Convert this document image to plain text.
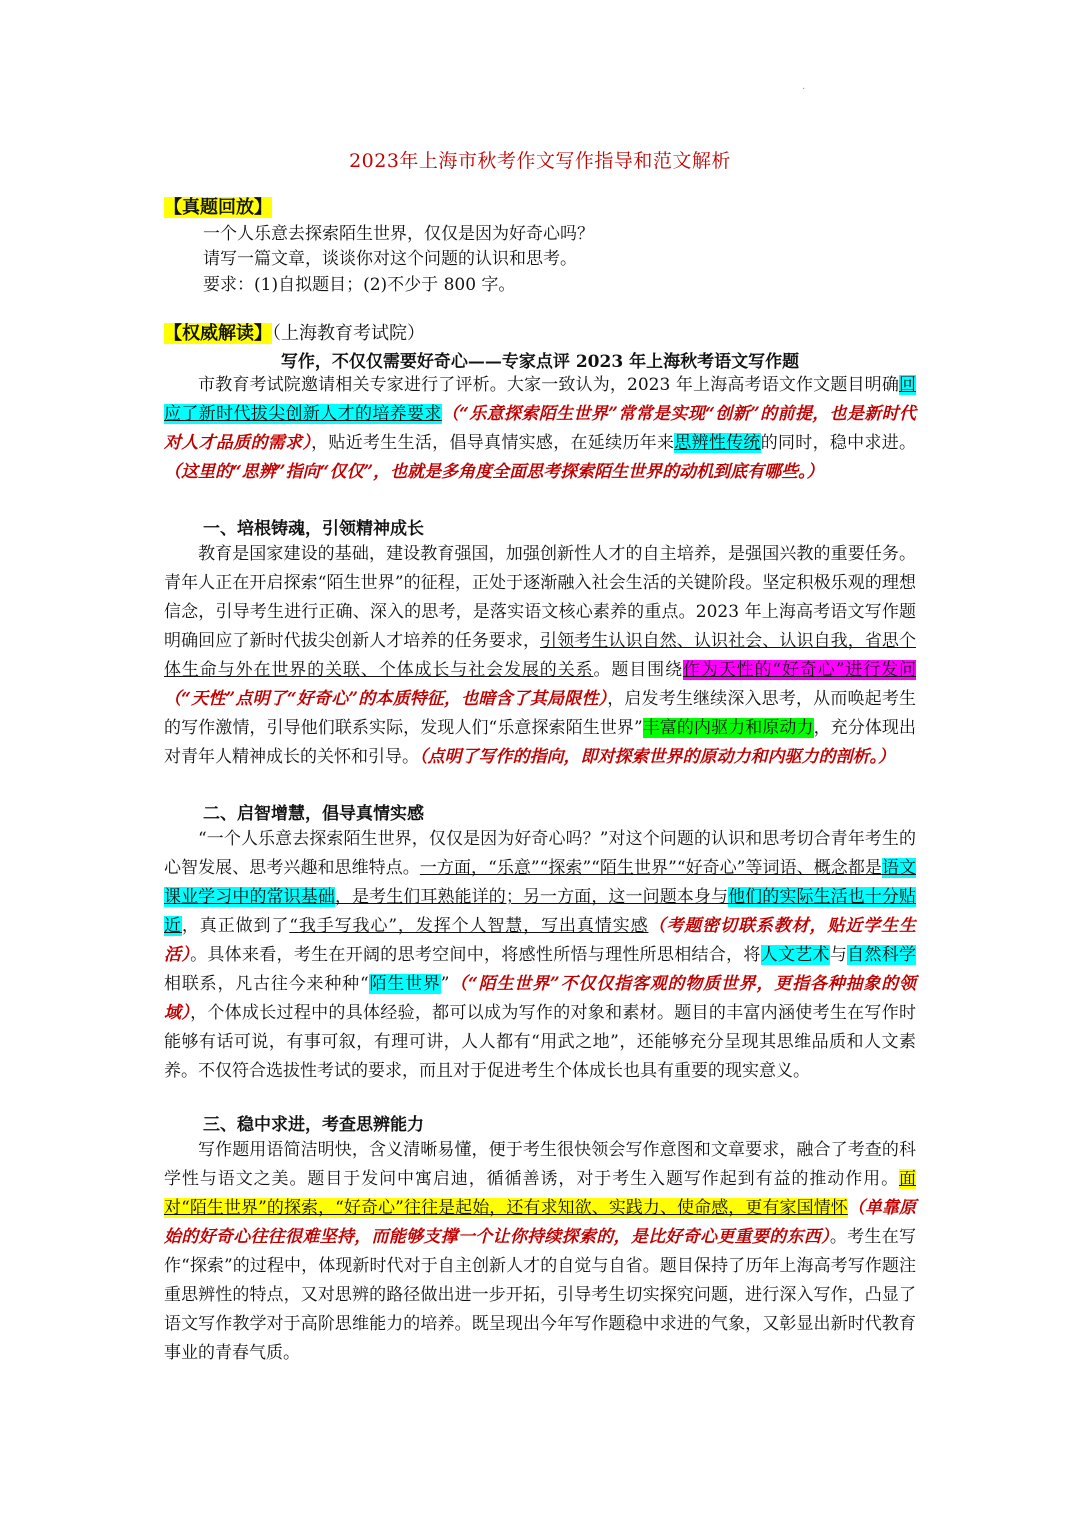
·
2023年上海市秋考作文写作指导和范文解析
【真题回放】
一个人乐意去探索陌生世界，仅仅是因为好奇心吗？
请写一篇文章，谈谈你对这个问题的认识和思考。
要求：(1)自拟题目；(2)不少于 800 字。
【权威解读】（上海教育考试院）
写作，不仅仅需要好奇心——专家点评 2023 年上海秋考语文写作题
市教育考试院邀请相关专家进行了评析。大家一致认为，2023 年上海高考语文作文题目明确回应了新时代拔尖创新人才的培养要求（“乐意探索陌生世界”常常是实现“创新”的前提，也是新时代对人才品质的需求），贴近考生生活，倡导真情实感，在延续历年来思辨性传统的同时，稳中求进。（这里的“思辨”指向“仅仅”，也就是多角度全面思考探索陌生世界的动机到底有哪些。）
一、培根铸魂，引领精神成长
教育是国家建设的基础，建设教育强国，加强创新性人才的自主培养，是强国兴教的重要任务。青年人正在开启探索“陌生世界”的征程，正处于逐渐融入社会生活的关键阶段。坚定积极乐观的理想信念，引导考生进行正确、深入的思考，是落实语文核心素养的重点。2023 年上海高考语文写作题明确回应了新时代拔尖创新人才培养的任务要求，引领考生认识自然、认识社会、认识自我，省思个体生命与外在世界的关联、个体成长与社会发展的关系。题目围绕作为天性的“好奇心”进行发问（“天性”点明了“好奇心”的本质特征，也暗含了其局限性），启发考生继续深入思考，从而唤起考生的写作激情，引导他们联系实际，发现人们“乐意探索陌生世界”丰富的内驱力和原动力，充分体现出对青年人精神成长的关怀和引导。（点明了写作的指向，即对探索世界的原动力和内驱力的剖析。）
二、启智增慧，倡导真情实感
“一个人乐意去探索陌生世界，仅仅是因为好奇心吗？”对这个问题的认识和思考切合青年考生的心智发展、思考兴趣和思维特点。一方面，“乐意”“探索”“陌生世界”“好奇心”等词语、概念都是语文课业学习中的常识基础，是考生们耳熟能详的；另一方面，这一问题本身与他们的实际生活也十分贴近，真正做到了“我手写我心”，发挥个人智慧，写出真情实感（考题密切联系教材，贴近学生生活）。具体来看，考生在开阔的思考空间中，将感性所悟与理性所思相结合，将人文艺术与自然科学相联系，凡古往今来种种“陌生世界”（“陌生世界”不仅仅指客观的物质世界，更指各种抽象的领域），个体成长过程中的具体经验，都可以成为写作的对象和素材。题目的丰富内涵使考生在写作时能够有话可说，有事可叙，有理可讲，人人都有“用武之地”，还能够充分呈现其思维品质和人文素养。不仅符合选拔性考试的要求，而且对于促进考生个体成长也具有重要的现实意义。
三、稳中求进，考查思辨能力
写作题用语简洁明快，含义清晰易懂，便于考生很快领会写作意图和文章要求，融合了考查的科学性与语文之美。题目于发问中寓启迪，循循善诱，对于考生入题写作起到有益的推动作用。面对“陌生世界”的探索，“好奇心”往往是起始，还有求知欲、实践力、使命感，更有家国情怀（单靠原始的好奇心往往很难坚持，而能够支撑一个让你持续探索的，是比好奇心更重要的东西）。考生在写作“探索”的过程中，体现新时代对于自主创新人才的自觉与自省。题目保持了历年上海高考写作题注重思辨性的特点，又对思辨的路径做出进一步开拓，引导考生切实探究问题，进行深入写作，凸显了语文写作教学对于高阶思维能力的培养。既呈现出今年写作题稳中求进的气象，又彰显出新时代教育事业的青春气质。
